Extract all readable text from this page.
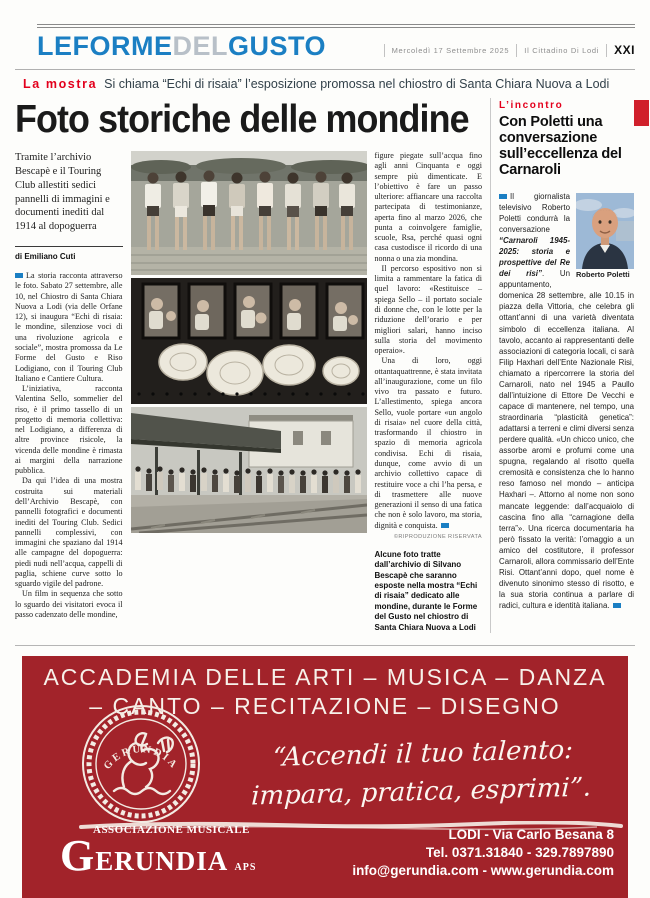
LEFORMEDELGUSTO	Mercoledì 17 Settembre 2025 Il Cittadino Di Lodi XXI
La mostra Si chiama “Echi di risaia” l’esposizione promossa nel chiostro di Santa Chiara Nuova a Lodi
Foto storiche delle mondine
Tramite l’archivio Bescapè e il Touring Club allestiti sedici pannelli di immagini e documenti inediti dal 1914 al dopoguerra
di Emiliano Cuti

La storia racconta attraverso le foto. Sabato 27 settembre, alle 10, nel Chiostro di Santa Chiara Nuova a Lodi (via delle Orfane 12), si inaugura “Echi di risaia: le mondine, silenziose voci di una rivoluzione agricola e sociale”, mostra promossa da Le Forme del Gusto e Riso Lodigiano, con il Touring Club Italiano e Cantiere Cultura.

L’iniziativa, racconta Valentina Sello, sommelier del riso, è il primo tassello di un progetto di memoria collettiva: nel Lodigiano, a differenza di altre province risicole, la vicenda delle mondine è rimasta ai margini della narrazione pubblica.

Da qui l’idea di una mostra costruita sui materiali dell’Archivio Bescapè, con pannelli fotografici e documenti inediti del Touring Club. Sedici pannelli complessivi, con immagini che spaziano dal 1914 alle campagne del dopoguerra: piedi nudi nell’acqua, cappelli di paglia, schiene curve sotto lo sguardo vigile del padrone.

Un film in sequenza che sotto lo sguardo dei visitatori evoca il passo cadenzato delle mondine,

figure piegate sull’acqua fino agli anni Cinquanta e oggi sempre più dimenticate. E l’obiettivo è fare un passo ulteriore: affiancare una raccolta partecipata di testimonianze, aperta fino al marzo 2026, che punta a coinvolgere famiglie, scuole, Rsa, perché quasi ogni casa custodisce il ricordo di una nonna o una zia mondina.

Il percorso espositivo non si limita a rammentare la fatica di quel lavoro: «Restituisce – spiega Sello – il portato sociale di donne che, con le lotte per la riduzione dell’orario e per migliori salari, hanno inciso sulla storia del movimento operaio».

Una di loro, oggi ottantaquattrenne, è stata invitata all’inaugurazione, come un filo vivo tra passato e futuro. L’allestimento, spiega ancora Sello, vuole portare «un angolo di risaia» nel cuore della città, trasformando il chiostro in spazio di memoria agricola condivisa. Echi di risaia, dunque, come avvio di un archivio collettivo capace di restituire voce a chi l’ha persa, e di trasmettere alle nuove generazioni il senso di una fatica che non è solo lavoro, ma storia, dignità e conquista.

©RIPRODUZIONE RISERVATA
Alcune foto tratte dall’archivio di Silvano Bescapè che saranno esposte nella mostra “Echi di risaia” dedicato alle mondine, durante le Forme del Gusto nel chiostro di Santa Chiara Nuova a Lodi
L’incontro
Con Poletti una conversazione sull’eccellenza del Carnaroli
Roberto Poletti
Il giornalista televisivo Roberto Poletti condurrà la conversazione “Carnaroli 1945-2025: storia e prospettive del Re dei risi”. Un appuntamento, domenica 28 settembre, alle 10.15 in piazza della Vittoria, che celebra gli ottant’anni di una varietà diventata simbolo di eccellenza italiana. Al tavolo, accanto ai rappresentanti delle associazioni di categoria locali, ci sarà Filip Haxhari dell’Ente Nazionale Risi, chiamato a ripercorrere la storia del Carnaroli, nato nel 1945 a Paullo dall’intuizione di Ettore De Vecchi e capace di mantenere, nel tempo, una straordinaria “plasticità genetica”: adattarsi a terreni e climi diversi senza perdere qualità. «Un chicco unico, che assorbe aromi e profumi come una spugna, regalando al risotto quella cremosità e consistenza che lo hanno reso famoso nel mondo – anticipa Haxhari –. Attorno al nome non sono mancate leggende: dall’acquaiolo di cascina fino alla “carnagione della terra”». Una ricerca documentaria ha però fissato la verità: l’omaggio a un amico del costitutore, il professor Carnaroli, allora commissario dell’Ente Risi. Ottant’anni dopo, quel nome è divenuto sinonimo stesso di risotto, e la sua storia continua a parlare di radici, cultura e identità italiana.
ACCADEMIA DELLE ARTI – MUSICA – DANZA
– CANTO – RECITAZIONE – DISEGNO
GERUNDIA	“Accendi il tuo talento:
impara, pratica, esprimi”.
ASSOCIAZIONE MUSICALE
GERUNDIA APS
LODI - Via Carlo Besana 8
Tel. 0371.31840 - 329.7897890
info@gerundia.com - www.gerundia.com
